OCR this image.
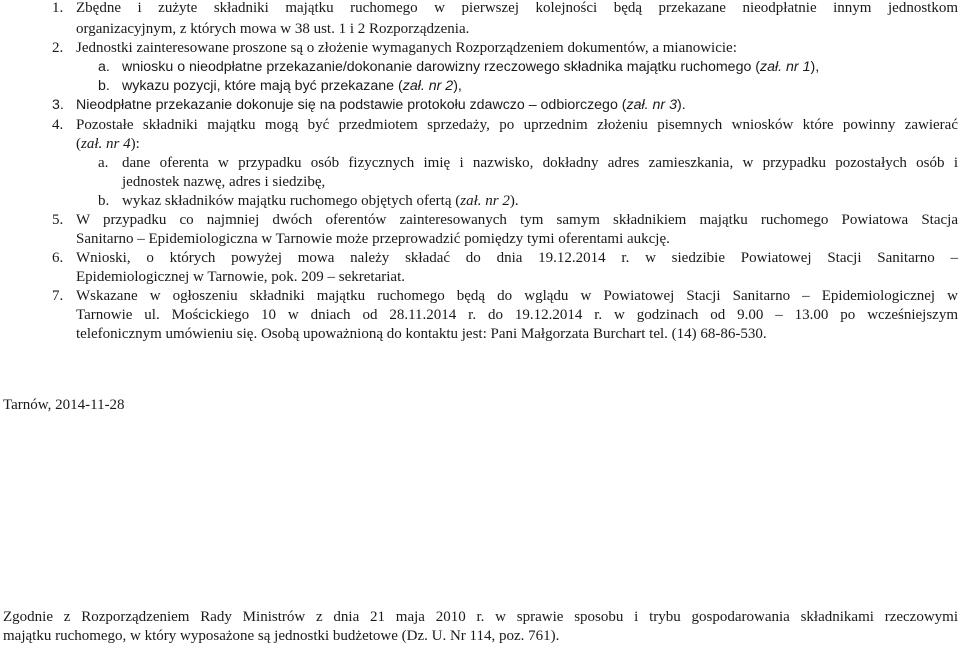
1. Zbędne i zużyte składniki majątku ruchomego w pierwszej kolejności będą przekazane nieodpłatnie innym jednostkom
organizacyjnym, z których mowa w 38 ust. 1 i 2 Rozporządzenia.
2. Jednostki zainteresowane proszone są o złożenie wymaganych Rozporządzeniem dokumentów, a mianowicie:
a. wniosku o nieodpłatne przekazanie/dokonanie darowizny rzeczowego składnika majątku ruchomego (zał. nr 1),
b. wykazu pozycji, które mają być przekazane (zał. nr 2),
3. Nieodpłatne przekazanie dokonuje się na podstawie protokołu zdawczo – odbiorczego (zał. nr 3).
4. Pozostałe składniki majątku mogą być przedmiotem sprzedaży, po uprzednim złożeniu pisemnych wniosków które powinny zawierać
(zał. nr 4):
a. dane oferenta w przypadku osób fizycznych imię i nazwisko, dokładny adres zamieszkania, w przypadku pozostałych osób i
jednostek nazwę, adres i siedzibę,
b. wykaz składników majątku ruchomego objętych ofertą (zał. nr 2).
5. W przypadku co najmniej dwóch oferentów zainteresowanych tym samym składnikiem majątku ruchomego Powiatowa Stacja
Sanitarno – Epidemiologiczna w Tarnowie może przeprowadzić pomiędzy tymi oferentami aukcję.
6. Wnioski, o których powyżej mowa należy składać do dnia 19.12.2014 r. w siedzibie Powiatowej Stacji Sanitarno –
Epidemiologicznej w Tarnowie, pok. 209 – sekretariat.
7. Wskazane w ogłoszeniu składniki majątku ruchomego będą do wglądu w Powiatowej Stacji Sanitarno – Epidemiologicznej w
Tarnowie ul. Mościckiego 10 w dniach od 28.11.2014 r. do 19.12.2014 r. w godzinach od 9.00 – 13.00 po wcześniejszym
telefonicznym umówieniu się. Osobą upoważnioną do kontaktu jest: Pani Małgorzata Burchart tel. (14) 68-86-530.
Tarnów, 2014-11-28
Zgodnie z Rozporządzeniem Rady Ministrów z dnia 21 maja 2010 r. w sprawie sposobu i trybu gospodarowania składnikami rzeczowymi
majątku ruchomego, w który wyposażone są jednostki budżetowe (Dz. U. Nr 114, poz. 761).
